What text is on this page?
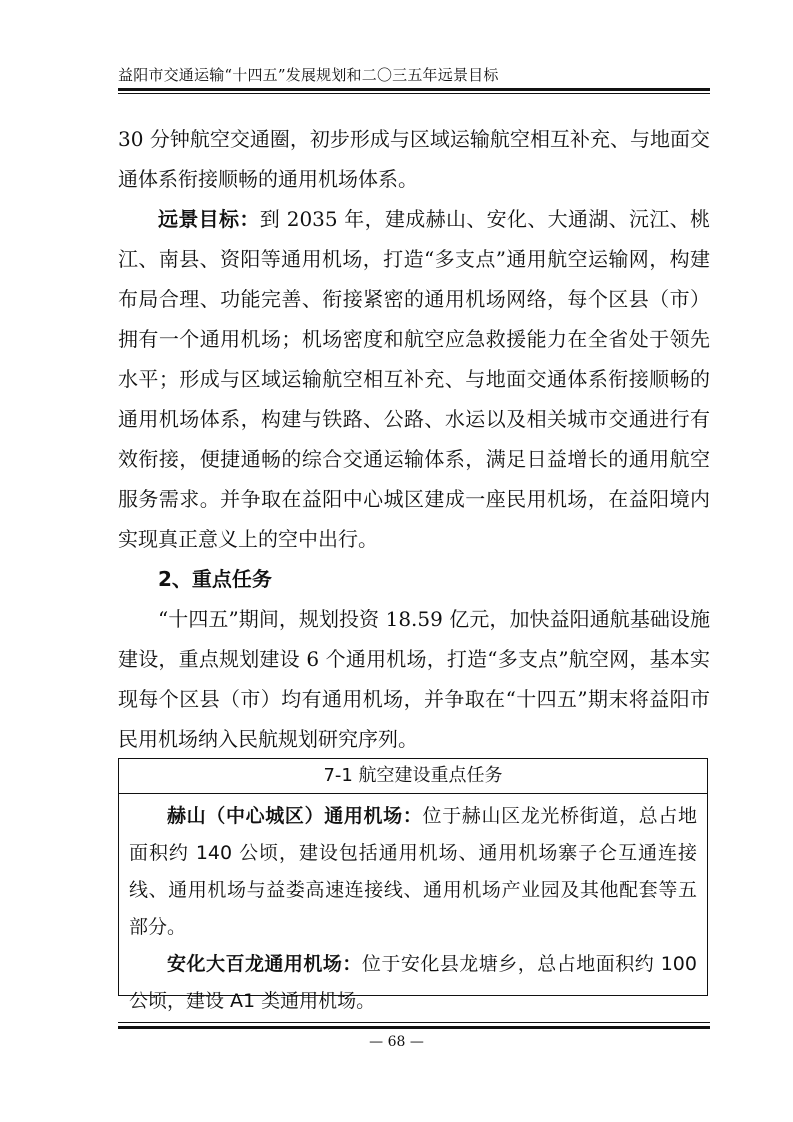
益阳市交通运输“十四五”发展规划和二〇三五年远景目标

30 分钟航空交通圈，初步形成与区域运输航空相互补充、与地面交通体系衔接顺畅的通用机场体系。

远景目标：到 2035 年，建成赫山、安化、大通湖、沅江、桃江、南县、资阳等通用机场，打造“多支点”通用航空运输网，构建布局合理、功能完善、衔接紧密的通用机场网络，每个区县（市）拥有一个通用机场；机场密度和航空应急救援能力在全省处于领先水平；形成与区域运输航空相互补充、与地面交通体系衔接顺畅的通用机场体系，构建与铁路、公路、水运以及相关城市交通进行有效衔接，便捷通畅的综合交通运输体系，满足日益增长的通用航空服务需求。并争取在益阳中心城区建成一座民用机场，在益阳境内实现真正意义上的空中出行。

2、重点任务

“十四五”期间，规划投资 18.59 亿元，加快益阳通航基础设施建设，重点规划建设 6 个通用机场，打造“多支点”航空网，基本实现每个区县（市）均有通用机场，并争取在“十四五”期末将益阳市民用机场纳入民航规划研究序列。

7-1 航空建设重点任务

赫山（中心城区）通用机场：位于赫山区龙光桥街道，总占地面积约 140 公顷，建设包括通用机场、通用机场寨子仑互通连接线、通用机场与益娄高速连接线、通用机场产业园及其他配套等五部分。

安化大百龙通用机场：位于安化县龙塘乡，总占地面积约 100 公顷，建设 A1 类通用机场。

— 68 —
